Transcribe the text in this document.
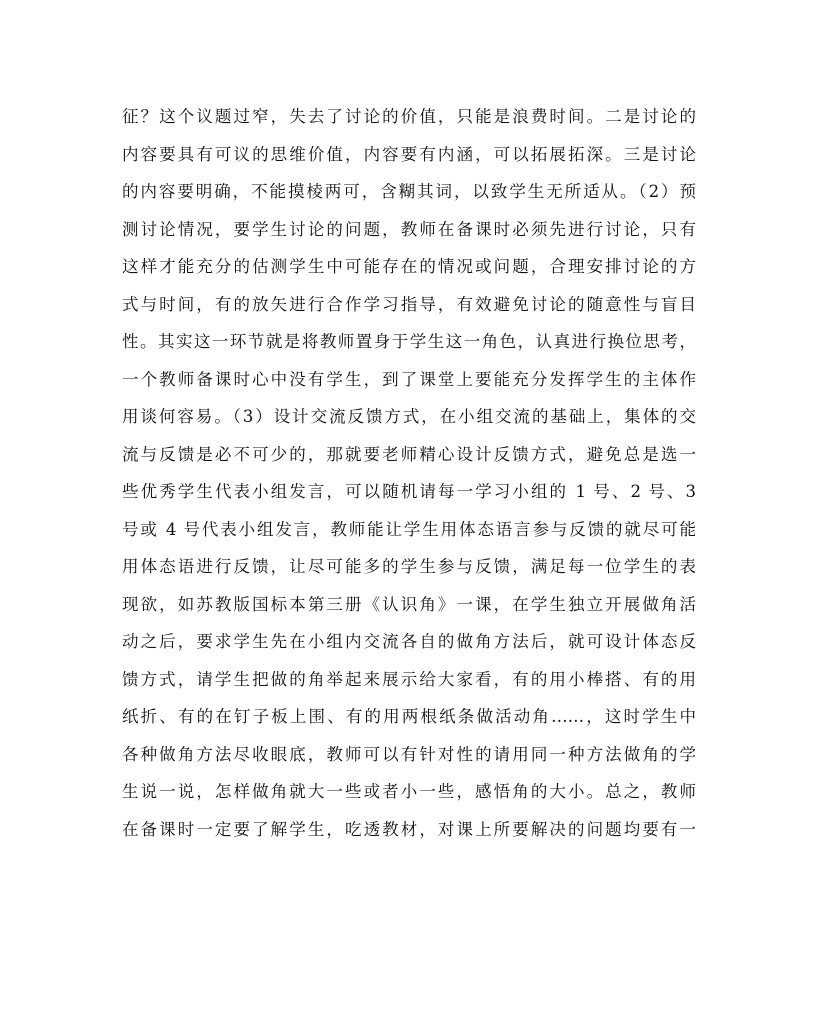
征？这个议题过窄，失去了讨论的价值，只能是浪费时间。二是讨论的
内容要具有可议的思维价值，内容要有内涵，可以拓展拓深。三是讨论
的内容要明确，不能摸棱两可，含糊其词，以致学生无所适从。（2）预
测讨论情况，要学生讨论的问题，教师在备课时必须先进行讨论，只有
这样才能充分的估测学生中可能存在的情况或问题，合理安排讨论的方
式与时间，有的放矢进行合作学习指导，有效避免讨论的随意性与盲目
性。其实这一环节就是将教师置身于学生这一角色，认真进行换位思考，
一个教师备课时心中没有学生，到了课堂上要能充分发挥学生的主体作
用谈何容易。（3）设计交流反馈方式，在小组交流的基础上，集体的交
流与反馈是必不可少的，那就要老师精心设计反馈方式，避免总是选一
些优秀学生代表小组发言，可以随机请每一学习小组的 1 号、2 号、3
号或 4 号代表小组发言，教师能让学生用体态语言参与反馈的就尽可能
用体态语进行反馈，让尽可能多的学生参与反馈，满足每一位学生的表
现欲，如苏教版国标本第三册《认识角》一课，在学生独立开展做角活
动之后，要求学生先在小组内交流各自的做角方法后，就可设计体态反
馈方式，请学生把做的角举起来展示给大家看，有的用小棒搭、有的用
纸折、有的在钉子板上围、有的用两根纸条做活动角……，这时学生中
各种做角方法尽收眼底，教师可以有针对性的请用同一种方法做角的学
生说一说，怎样做角就大一些或者小一些，感悟角的大小。总之，教师
在备课时一定要了解学生，吃透教材，对课上所要解决的问题均要有一
